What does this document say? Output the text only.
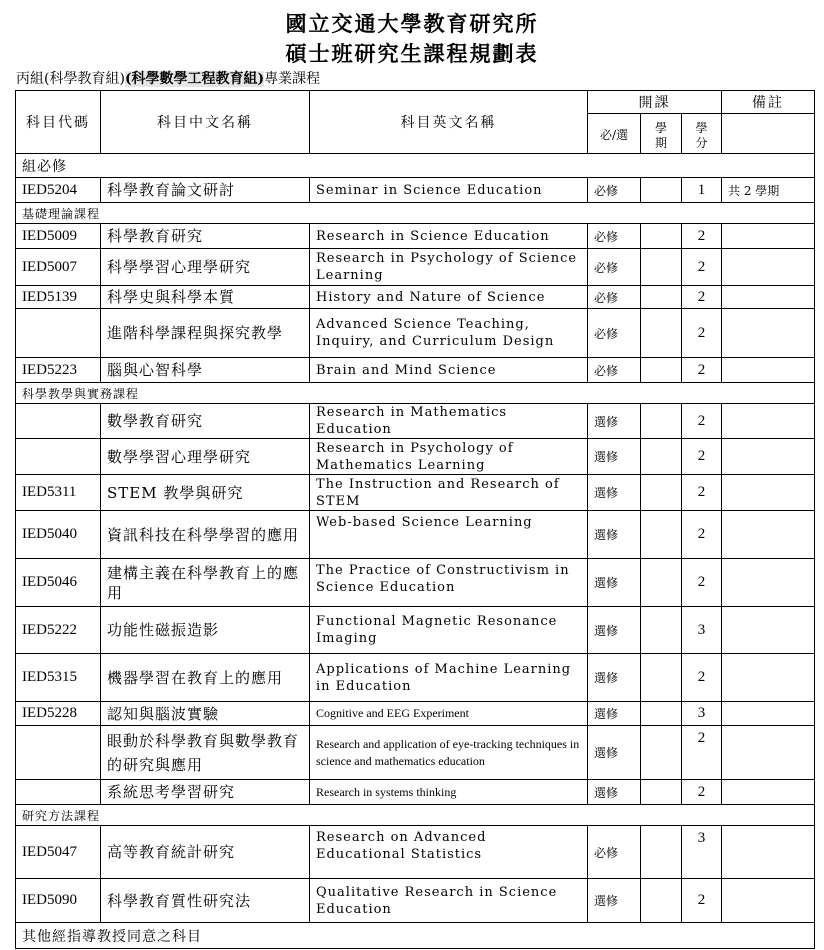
國立交通大學教育研究所
碩士班研究生課程規劃表
丙組(科學教育組)(科學數學工程教育組)專業課程
科目代碼	科目中文名稱	科目英文名稱	開課			備註
			必/選	學期	學分	
組必修						
IED5204	科學教育論文研討	Seminar in Science Education	必修		1	共 2 學期
基礎理論課程						
IED5009	科學教育研究	Research in Science Education	必修		2	
IED5007	科學學習心理學研究	Research in Psychology of Science Learning	必修		2	
IED5139	科學史與科學本質	History and Nature of Science	必修		2	
	進階科學課程與探究教學	Advanced Science Teaching, Inquiry, and Curriculum Design	必修		2	
IED5223	腦與心智科學	Brain and Mind Science	必修		2	
科學教學與實務課程						
	數學教育研究	Research in Mathematics Education	選修		2	
	數學學習心理學研究	Research in Psychology of Mathematics Learning	選修		2	
IED5311	STEM 教學與研究	The Instruction and Research of STEM	選修		2	
IED5040	資訊科技在科學學習的應用	Web-based Science Learning	選修		2	
IED5046	建構主義在科學教育上的應用	The Practice of Constructivism in Science Education	選修		2	
IED5222	功能性磁振造影	Functional Magnetic Resonance Imaging	選修		3	
IED5315	機器學習在教育上的應用	Applications of Machine Learning in Education	選修		2	
IED5228	認知與腦波實驗	Cognitive and EEG Experiment	選修		3	
	眼動於科學教育與數學教育的研究與應用	Research and application of eye-tracking techniques in science and mathematics education	選修		2	
	系統思考學習研究	Research in systems thinking	選修		2	
研究方法課程						
IED5047	高等教育統計研究	Research on Advanced Educational Statistics	必修		3	
IED5090	科學教育質性研究法	Qualitative Research in Science Education	選修		2	
其他經指導教授同意之科目						
